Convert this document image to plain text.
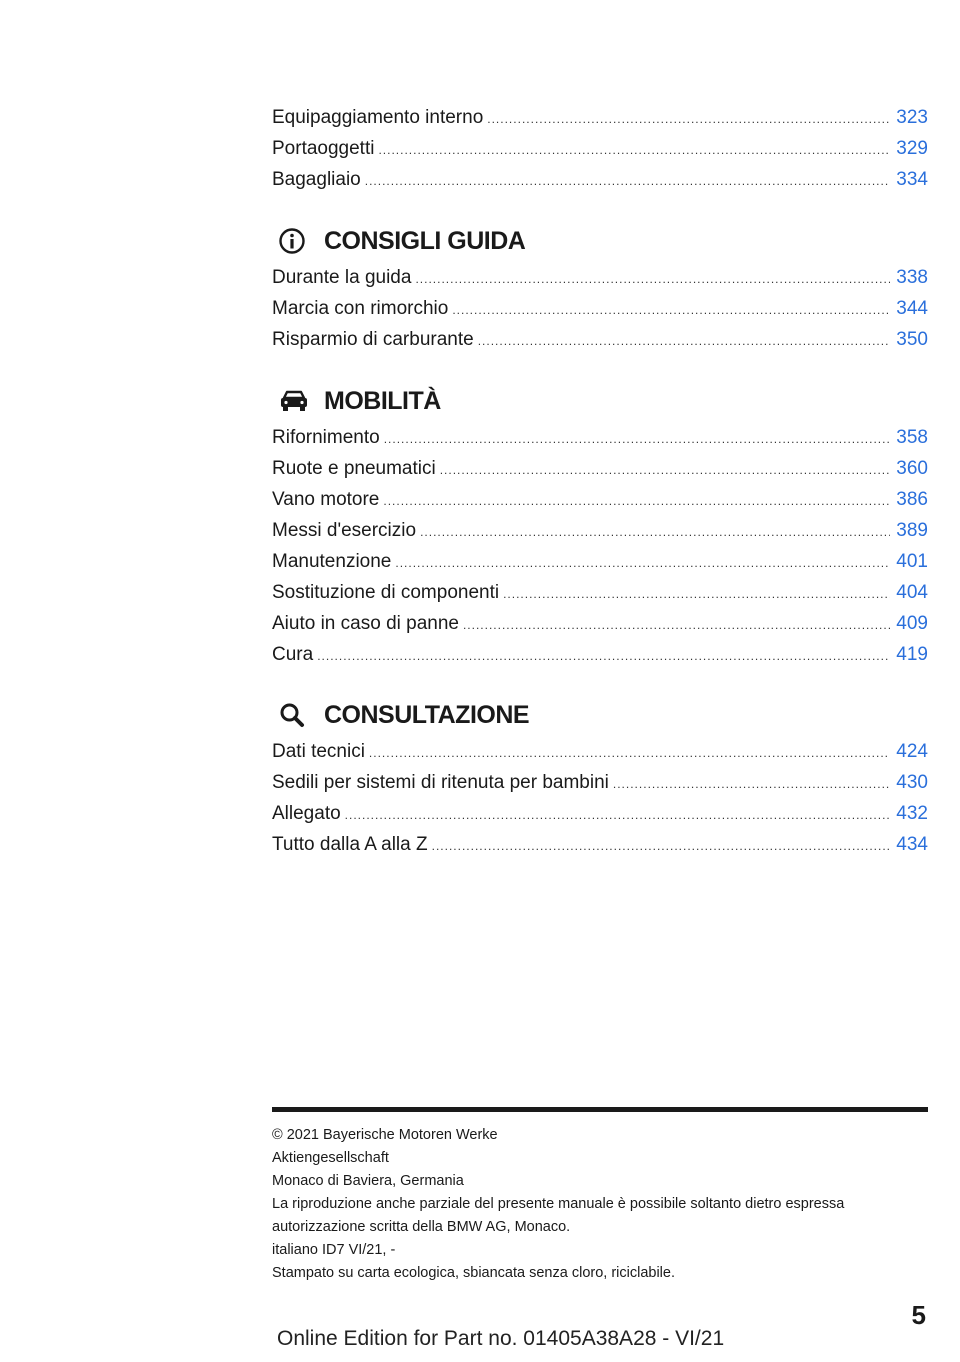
Equipaggiamento interno .....	323
Portaoggetti .....	329
Bagagliaio .....	334
CONSIGLI GUIDA
Durante la guida .....	338
Marcia con rimorchio .....	344
Risparmio di carburante .....	350
MOBILITÀ
Rifornimento .....	358
Ruote e pneumatici .....	360
Vano motore .....	386
Messi d'esercizio .....	389
Manutenzione .....	401
Sostituzione di componenti .....	404
Aiuto in caso di panne .....	409
Cura .....	419
CONSULTAZIONE
Dati tecnici .....	424
Sedili per sistemi di ritenuta per bambini .....	430
Allegato .....	432
Tutto dalla A alla Z .....	434
© 2021 Bayerische Motoren Werke
Aktiengesellschaft
Monaco di Baviera, Germania
La riproduzione anche parziale del presente manuale è possibile soltanto dietro espressa
autorizzazione scritta della BMW AG, Monaco.
italiano ID7 VI/21, -
Stampato su carta ecologica, sbiancata senza cloro, riciclabile.
5
Online Edition for Part no. 01405A38A28 - VI/21
